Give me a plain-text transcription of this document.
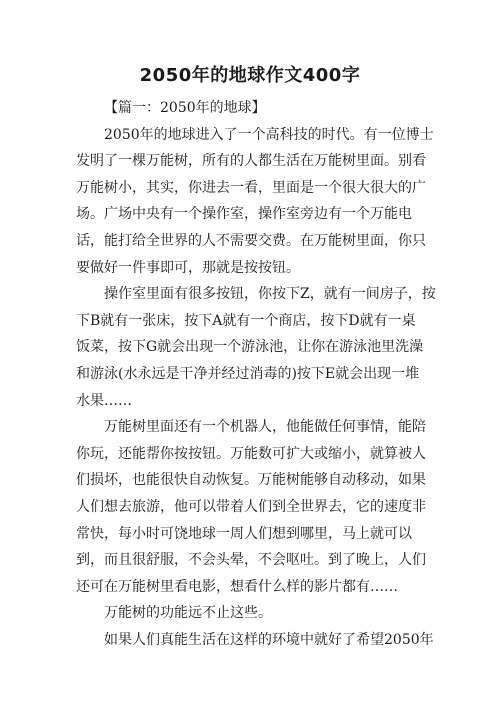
2050年的地球作文400字
【篇一：2050年的地球】
2050年的地球进入了一个高科技的时代。有一位博士
发明了一棵万能树，所有的人都生活在万能树里面。别看
万能树小，其实，你进去一看，里面是一个很大很大的广
场。广场中央有一个操作室，操作室旁边有一个万能电
话，能打给全世界的人不需要交费。在万能树里面，你只
要做好一件事即可，那就是按按钮。
操作室里面有很多按钮，你按下Z，就有一间房子，按
下B就有一张床，按下A就有一个商店，按下D就有一桌
饭菜，按下G就会出现一个游泳池，让你在游泳池里洗澡
和游泳(水永远是干净并经过消毒的)按下E就会出现一堆
水果……
万能树里面还有一个机器人，他能做任何事情，能陪
你玩，还能帮你按按钮。万能数可扩大或缩小，就算被人
们损坏，也能很快自动恢复。万能树能够自动移动，如果
人们想去旅游，他可以带着人们到全世界去，它的速度非
常快，每小时可饶地球一周人们想到哪里，马上就可以
到，而且很舒服，不会头晕，不会呕吐。到了晚上，人们
还可在万能树里看电影，想看什么样的影片都有……
万能树的功能远不止这些。
如果人们真能生活在这样的环境中就好了希望2050年
